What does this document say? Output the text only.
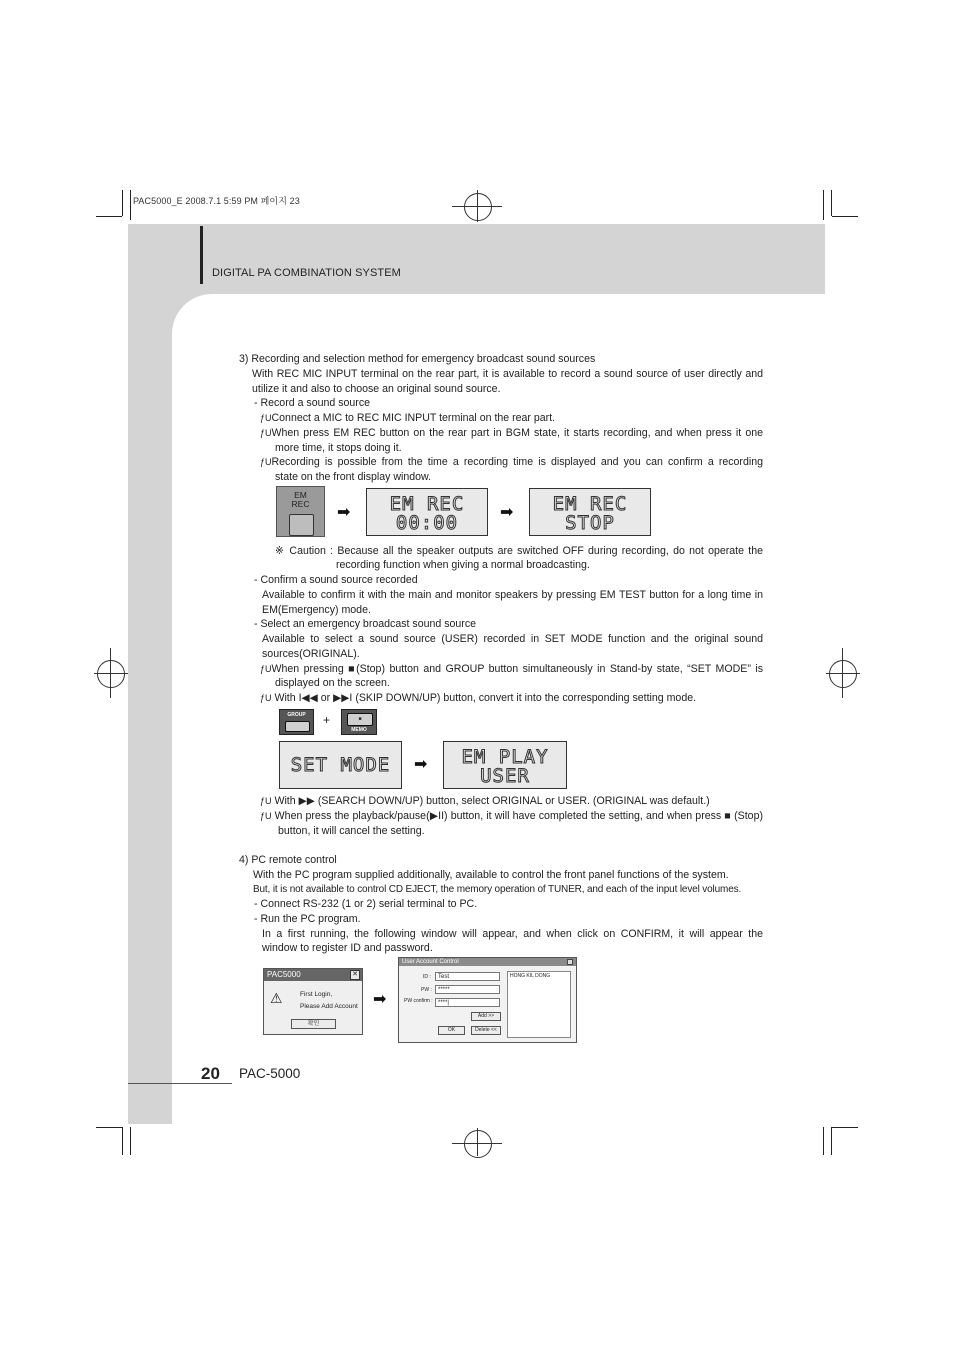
PAC5000_E 2008.7.1 5:59 PM 페이지 23
DIGITAL PA COMBINATION SYSTEM
3) Recording and selection method for emergency broadcast sound sources
With REC MIC INPUT terminal on the rear part, it is available to record a sound source of user directly and
utilize it and also to choose an original sound source.
- Record a sound source
ƒUConnect a MIC to REC MIC INPUT terminal on the rear part.
ƒUWhen press EM REC button on the rear part in BGM state, it starts recording, and when press it one
more time, it stops doing it.
ƒURecording is possible from the time a recording time is displayed and you can confirm a recording
state on the front display window.
EM
REC	➡	EM REC
00:00	➡	EM REC
STOP
※ Caution : Because all the speaker outputs are switched OFF during recording, do not operate the
recording function when giving a normal broadcasting.
- Confirm a sound source recorded
Available to confirm it with the main and monitor speakers by pressing EM TEST button for a long time in
EM(Emergency) mode.
- Select an emergency broadcast sound source
Available to select a sound source (USER) recorded in SET MODE function and the original sound
sources(ORIGINAL).
ƒUWhen pressing ■(Stop) button and GROUP button simultaneously in Stand-by state, “SET MODE” is
displayed on the screen.
ƒU With I◀◀ or ▶▶I (SKIP DOWN/UP) button, convert it into the corresponding setting mode.
GROUP	+	■
MEMO
SET MODE	➡	EM PLAY
USER
ƒU With ▶▶ (SEARCH DOWN/UP) button, select ORIGINAL or USER. (ORIGINAL was default.)
ƒU When press the playback/pause(▶II) button, it will have completed the setting, and when press ■ (Stop)
button, it will cancel the setting.
4) PC remote control
With the PC program supplied additionally, available to control the front panel functions of the system.
But, it is not available to control CD EJECT, the memory operation of TUNER, and each of the input level volumes.
- Connect RS-232 (1 or 2) serial terminal to PC.
- Run the PC program.
In a first running, the following window will appear, and when click on CONFIRM, it will appear the
window to register ID and password.
PAC5000	✕
⚠	First Login,
Please Add Account
확인
➡
User Account Control
ID :	Test
PW :	*****
PW confirm : ****|
Add >>
OK	Delete <<
HONG KIL DONG
20 PAC-5000
